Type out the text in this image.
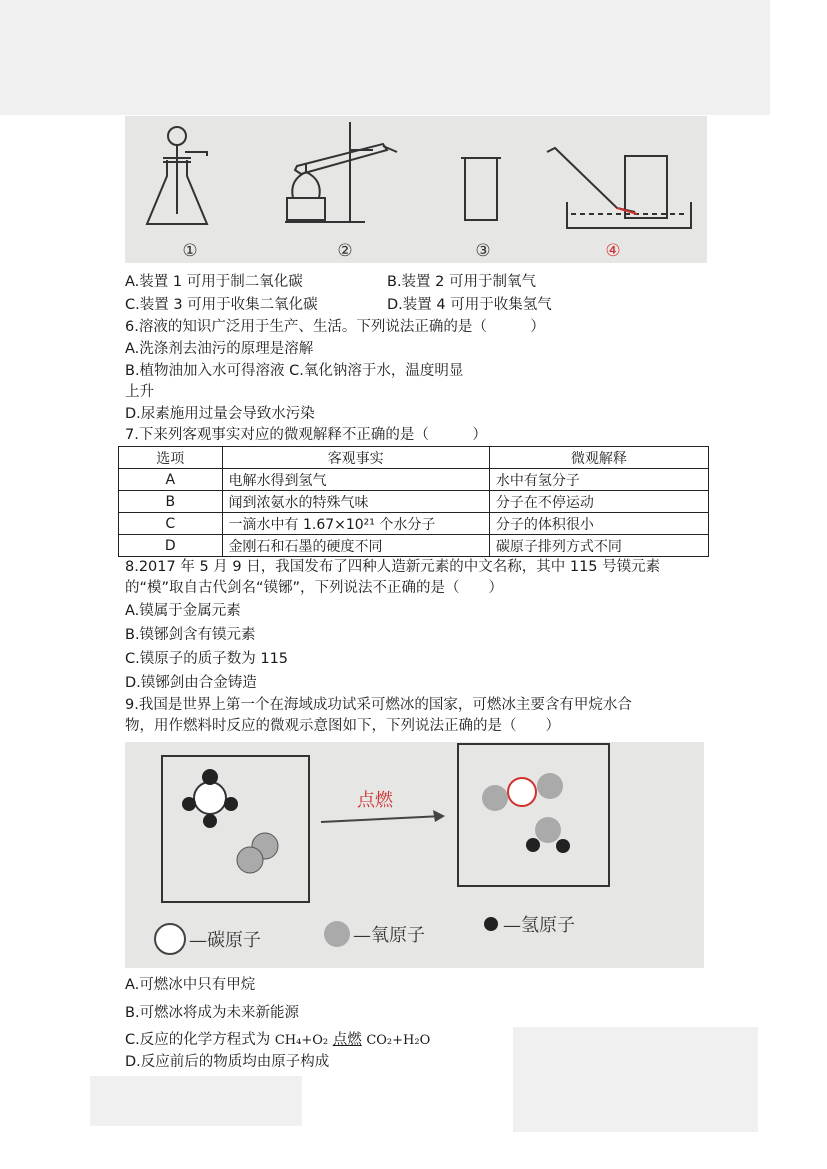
①	②	③	④
A.装置 1 可用于制二氧化碳	B.装置 2 可用于制氧气
C.装置 3 可用于收集二氧化碳	D.装置 4 可用于收集氢气
6.溶液的知识广泛用于生产、生活。下列说法正确的是（　　　）
A.洗涤剂去油污的原理是溶解
B.植物油加入水可得溶液 C.氧化钠溶于水，温度明显
上升
D.尿素施用过量会导致水污染
7.下来列客观事实对应的微观解释不正确的是（　　　）
选项	客观事实	微观解释
A	电解水得到氢气	水中有氢分子
B	闻到浓氨水的特殊气味	分子在不停运动
C	一滴水中有 1.67×10²¹ 个水分子	分子的体积很小
D	金刚石和石墨的硬度不同	碳原子排列方式不同
8.2017 年 5 月 9 日，我国发布了四种人造新元素的中文名称，其中 115 号镆元素
的“模”取自古代剑名“镆铘”，下列说法不正确的是（　　）
A.镆属于金属元素
B.镆铘剑含有镆元素
C.镆原子的质子数为 115
D.镆铘剑由合金铸造
9.我国是世界上第一个在海域成功试采可燃冰的国家，可燃冰主要含有甲烷水合
物，用作燃料时反应的微观示意图如下，下列说法正确的是（　　）
点燃
—碳原子	—氧原子	—氢原子
A.可燃冰中只有甲烷
B.可燃冰将成为未来新能源
C.反应的化学方程式为 CH₄+O₂ 点燃 CO₂+H₂O
D.反应前后的物质均由原子构成
